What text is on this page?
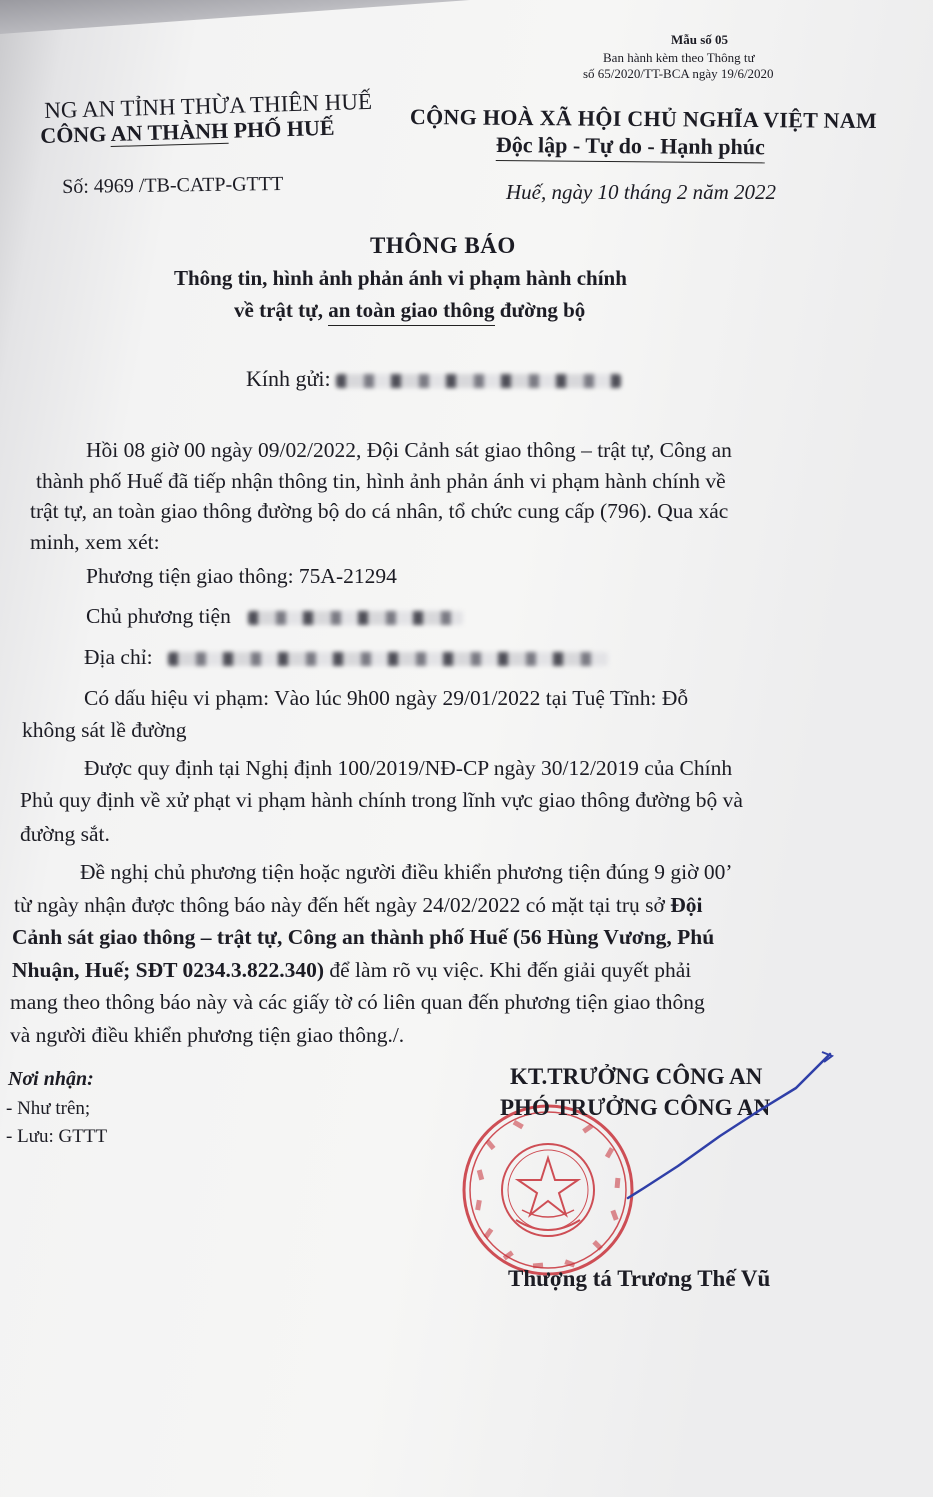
Mẫu số 05
Ban hành kèm theo Thông tư
số 65/2020/TT-BCA ngày 19/6/2020
NG AN TỈNH THỪA THIÊN HUẾ
CÔNG AN THÀNH PHỐ HUẾ	CỘNG HOÀ XÃ HỘI CHỦ NGHĨA VIỆT NAM
Độc lập - Tự do - Hạnh phúc
Số: 4969 /TB-CATP-GTTT	Huế, ngày 10 tháng 2 năm 2022
THÔNG BÁO
Thông tin, hình ảnh phản ánh vi phạm hành chính
về trật tự, an toàn giao thông đường bộ
Kính gửi:
Hồi 08 giờ 00 ngày 09/02/2022, Đội Cảnh sát giao thông – trật tự, Công an
thành phố Huế đã tiếp nhận thông tin, hình ảnh phản ánh vi phạm hành chính về
trật tự, an toàn giao thông đường bộ do cá nhân, tổ chức cung cấp (796). Qua xác
minh, xem xét:
Phương tiện giao thông: 75A-21294
Chủ phương tiện
Địa chỉ:
Có dấu hiệu vi phạm: Vào lúc 9h00 ngày 29/01/2022 tại Tuệ Tĩnh: Đỗ
không sát lề đường
Được quy định tại Nghị định 100/2019/NĐ-CP ngày 30/12/2019 của Chính
Phủ quy định về xử phạt vi phạm hành chính trong lĩnh vực giao thông đường bộ và
đường sắt.
Đề nghị chủ phương tiện hoặc người điều khiển phương tiện đúng 9 giờ 00’
từ ngày nhận được thông báo này đến hết ngày 24/02/2022 có mặt tại trụ sở Đội
Cảnh sát giao thông – trật tự, Công an thành phố Huế (56 Hùng Vương, Phú
Nhuận, Huế; SĐT 0234.3.822.340) để làm rõ vụ việc. Khi đến giải quyết phải
mang theo thông báo này và các giấy tờ có liên quan đến phương tiện giao thông
và người điều khiển phương tiện giao thông./.
Nơi nhận:
- Như trên;
- Lưu: GTTT
KT.TRƯỞNG CÔNG AN
PHÓ TRƯỞNG CÔNG AN
Thượng tá Trương Thế Vũ
